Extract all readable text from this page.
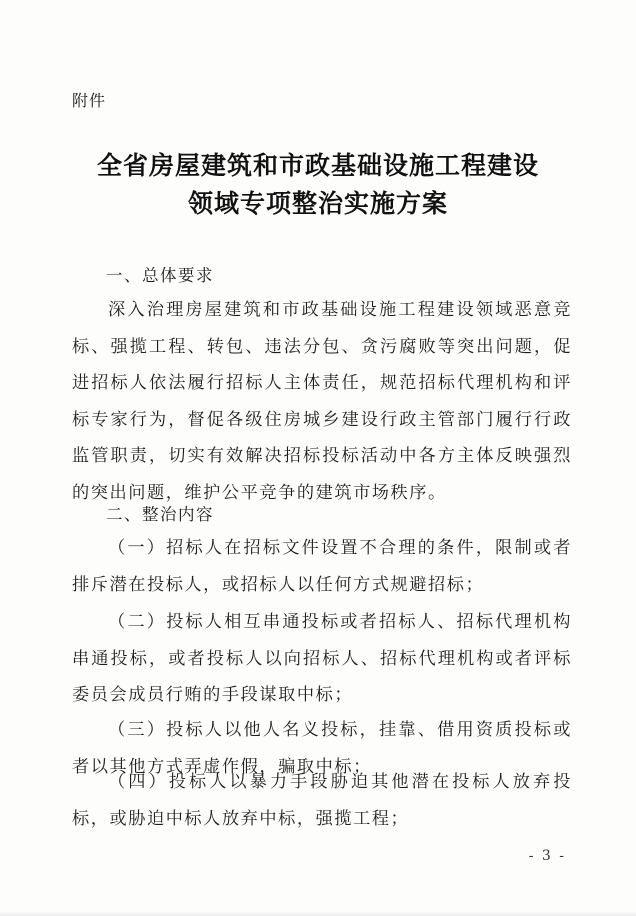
附件
全省房屋建筑和市政基础设施工程建设
领域专项整治实施方案
一、总体要求
深入治理房屋建筑和市政基础设施工程建设领域恶意竞标、强揽工程、转包、违法分包、贪污腐败等突出问题，促进招标人依法履行招标人主体责任，规范招标代理机构和评标专家行为，督促各级住房城乡建设行政主管部门履行行政监管职责，切实有效解决招标投标活动中各方主体反映强烈的突出问题，维护公平竞争的建筑市场秩序。
二、整治内容
（一）招标人在招标文件设置不合理的条件，限制或者排斥潜在投标人，或招标人以任何方式规避招标；
（二）投标人相互串通投标或者招标人、招标代理机构串通投标，或者投标人以向招标人、招标代理机构或者评标委员会成员行贿的手段谋取中标；
（三）投标人以他人名义投标，挂靠、借用资质投标或者以其他方式弄虚作假，骗取中标；
（四）投标人以暴力手段胁迫其他潜在投标人放弃投标，或胁迫中标人放弃中标，强揽工程；
- 3 -
